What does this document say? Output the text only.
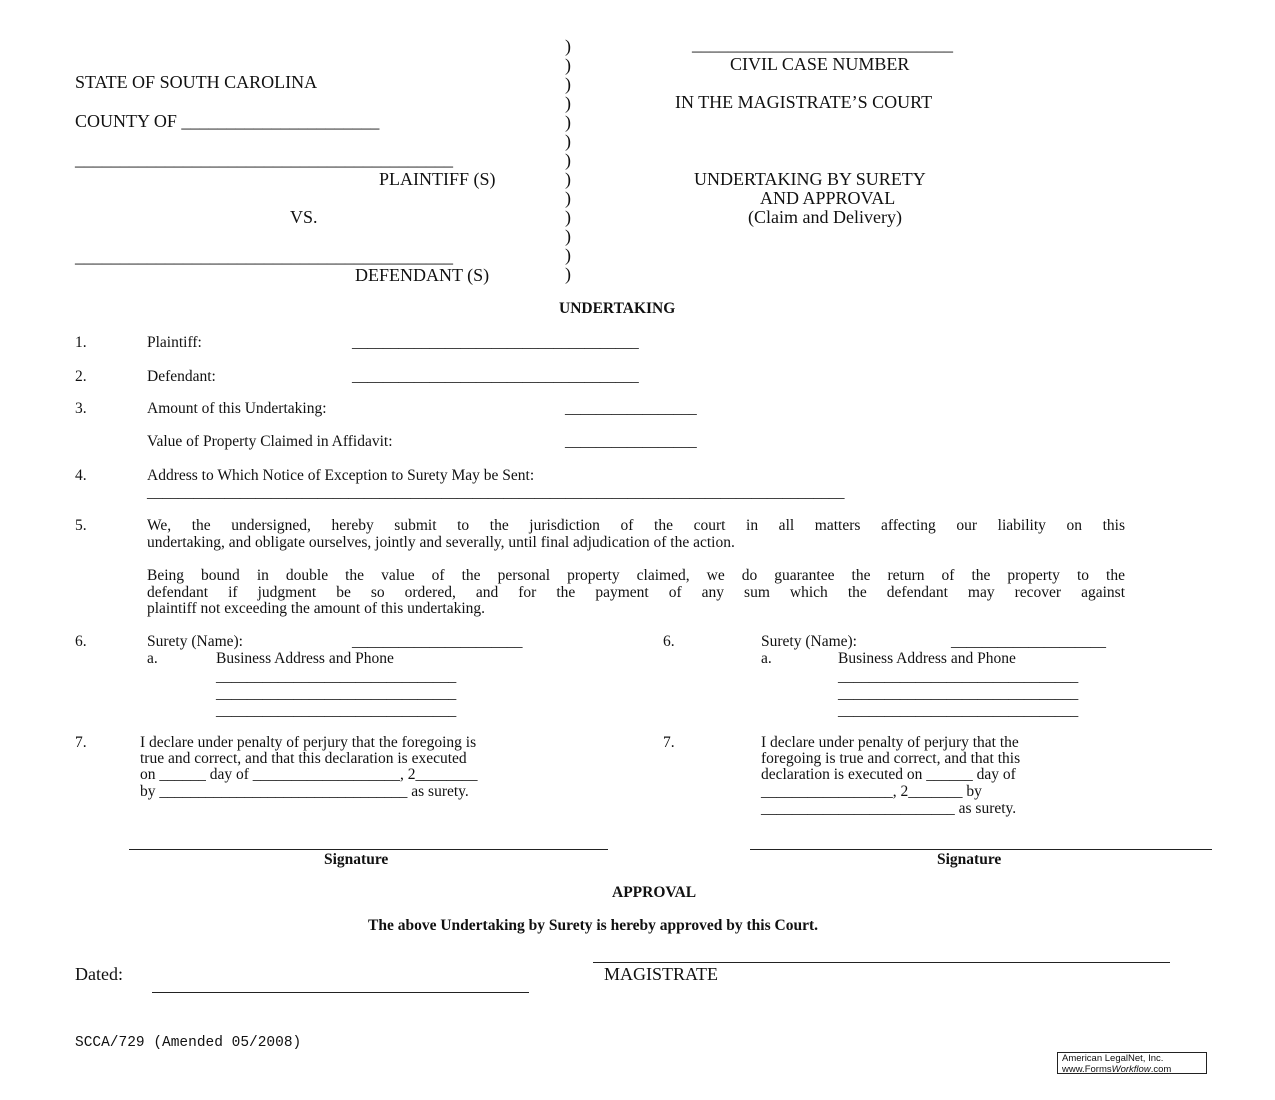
STATE OF SOUTH CAROLINA
COUNTY OF ______________________
__________________________________________
PLAINTIFF (S)
VS.
__________________________________________
DEFENDANT (S)
)
)
)
)
)
)
)
)
)
)
)
)
)
_____________________________
CIVIL CASE NUMBER
IN THE MAGISTRATE’S COURT
UNDERTAKING BY SURETY
AND APPROVAL
(Claim and Delivery)
UNDERTAKING
1.	Plaintiff:	_____________________________________
2.	Defendant:	_____________________________________
3.	Amount of this Undertaking:	_________________
Value of Property Claimed in Affidavit:	_________________
4.	Address to Which Notice of Exception to Surety May be Sent:
__________________________________________________________________________________________
5.	We, the undersigned, hereby submit to the jurisdiction of the court in all matters affecting our liability on this
undertaking, and obligate ourselves, jointly and severally, until final adjudication of the action.
Being bound in double the value of the personal property claimed, we do guarantee the return of the property to the
defendant if judgment be so ordered, and for the payment of any sum which the defendant may recover against
plaintiff not exceeding the amount of this undertaking.
6.	Surety (Name):	______________________
a.	Business Address and Phone
_______________________________
_______________________________
_______________________________
7.	I declare under penalty of perjury that the foregoing is
true and correct, and that this declaration is executed
on ______ day of ___________________, 2________
by ________________________________ as surety.
Signature
6.	Surety (Name):	____________________
a.	Business Address and Phone
_______________________________
_______________________________
_______________________________
7.	I declare under penalty of perjury that the
foregoing is true and correct, and that this
declaration is executed on ______ day of
_________________, 2_______ by
_________________________ as surety.
Signature
APPROVAL
The above Undertaking by Surety is hereby approved by this Court.
Dated:	MAGISTRATE
SCCA/729 (Amended 05/2008)
American LegalNet, Inc.
www.FormsWorkflow.com
